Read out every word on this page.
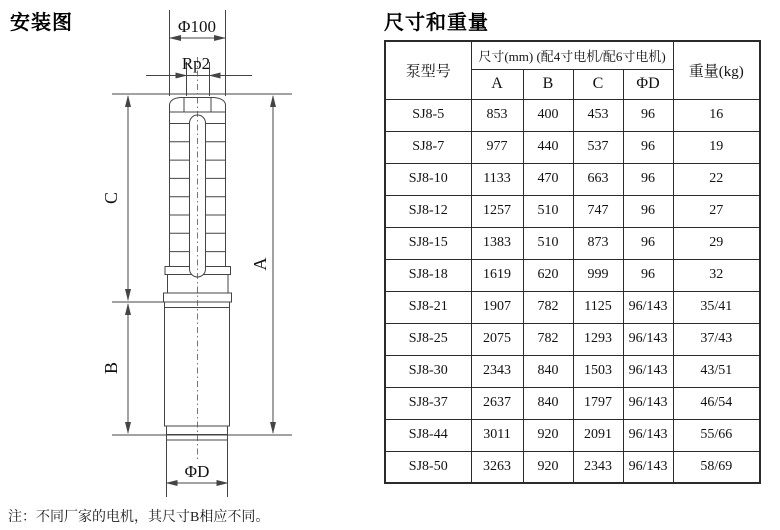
安装图	尺寸和重量
Φ100
Rp2
C
B
A
ΦD
泵型号	尺寸(mm) (配4寸电机/配6寸电机)				重量(kg)
	A	B	C	ΦD	
SJ8-5	853	400	453	96	16
SJ8-7	977	440	537	96	19
SJ8-10	1133	470	663	96	22
SJ8-12	1257	510	747	96	27
SJ8-15	1383	510	873	96	29
SJ8-18	1619	620	999	96	32
SJ8-21	1907	782	1125	96/143	35/41
SJ8-25	2075	782	1293	96/143	37/43
SJ8-30	2343	840	1503	96/143	43/51
SJ8-37	2637	840	1797	96/143	46/54
SJ8-44	3011	920	2091	96/143	55/66
SJ8-50	3263	920	2343	96/143	58/69
注：不同厂家的电机，其尺寸B相应不同。
